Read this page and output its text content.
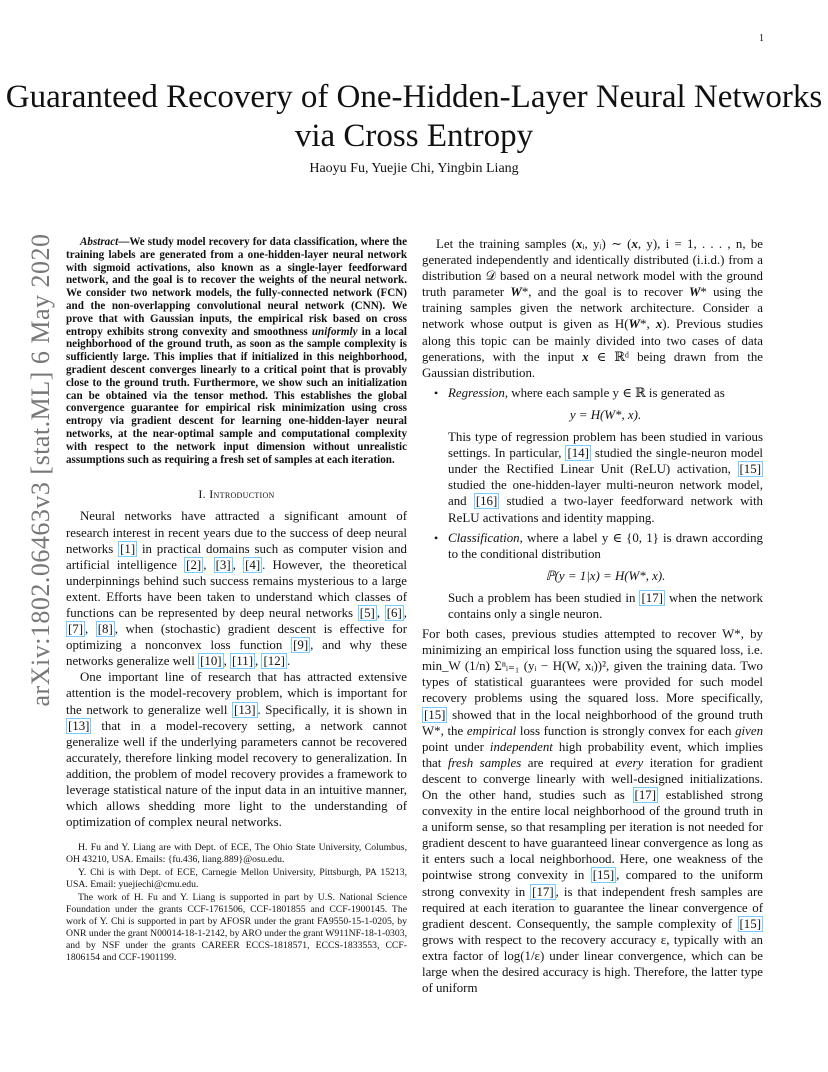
1
arXiv:1802.06463v3 [stat.ML] 6 May 2020
Guaranteed Recovery of One-Hidden-Layer Neural Networks via Cross Entropy
Haoyu Fu, Yuejie Chi, Yingbin Liang

Abstract—We study model recovery for data classification, where the training labels are generated from a one-hidden-layer neural network with sigmoid activations, also known as a single-layer feedforward network, and the goal is to recover the weights of the neural network. We consider two network models, the fully-connected network (FCN) and the non-overlapping convolutional neural network (CNN). We prove that with Gaussian inputs, the empirical risk based on cross entropy exhibits strong convexity and smoothness uniformly in a local neighborhood of the ground truth, as soon as the sample complexity is sufficiently large. This implies that if initialized in this neighborhood, gradient descent converges linearly to a critical point that is provably close to the ground truth. Furthermore, we show such an initialization can be obtained via the tensor method. This establishes the global convergence guarantee for empirical risk minimization using cross entropy via gradient descent for learning one-hidden-layer neural networks, at the near-optimal sample and computational complexity with respect to the network input dimension without unrealistic assumptions such as requiring a fresh set of samples at each iteration.

I. Introduction

Neural networks have attracted a significant amount of research interest in recent years due to the success of deep neural networks [1] in practical domains such as computer vision and artificial intelligence [2] , [3] , [4] . However, the theoretical underpinnings behind such success remains mysterious to a large extent. Efforts have been taken to understand which classes of functions can be represented by deep neural networks [5] , [6] , [7] , [8] , when (stochastic) gradient descent is effective for optimizing a nonconvex loss function [9] , and why these networks generalize well [10] , [11] , [12] .

One important line of research that has attracted extensive attention is the model-recovery problem, which is important for the network to generalize well [13] . Specifically, it is shown in [13] that in a model-recovery setting, a network cannot generalize well if the underlying parameters cannot be recovered accurately, therefore linking model recovery to generalization. In addition, the problem of model recovery provides a framework to leverage statistical nature of the input data in an intuitive manner, which allows shedding more light to the understanding of optimization of complex neural networks.

H. Fu and Y. Liang are with Dept. of ECE, The Ohio State University, Columbus, OH 43210, USA. Emails: {fu.436, liang.889}@osu.edu.

Y. Chi is with Dept. of ECE, Carnegie Mellon University, Pittsburgh, PA 15213, USA. Email: yuejiechi@cmu.edu.

The work of H. Fu and Y. Liang is supported in part by U.S. National Science Foundation under the grants CCF-1761506, CCF-1801855 and CCF-1900145. The work of Y. Chi is supported in part by AFOSR under the grant FA9550-15-1-0205, by ONR under the grant N00014-18-1-2142, by ARO under the grant W911NF-18-1-0303, and by NSF under the grants CAREER ECCS-1818571, ECCS-1833553, CCF-1806154 and CCF-1901199.

Let the training samples (xᵢ, yᵢ) ∼ (x, y), i = 1, . . . , n, be generated independently and identically distributed (i.i.d.) from a distribution 𝒟 based on a neural network model with the ground truth parameter W*, and the goal is to recover W* using the training samples given the network architecture. Consider a network whose output is given as H(W*, x). Previous studies along this topic can be mainly divided into two cases of data generations, with the input x ∈ ℝᵈ being drawn from the Gaussian distribution.

• Regression, where each sample y ∈ ℝ is generated as

y = H(W*, x).

This type of regression problem has been studied in various settings. In particular, [14] studied the single-neuron model under the Rectified Linear Unit (ReLU) activation, [15] studied the one-hidden-layer multi-neuron network model, and [16] studied a two-layer feedforward network with ReLU activations and identity mapping.

• Classification, where a label y ∈ {0, 1} is drawn according to the conditional distribution

ℙ(y = 1|x) = H(W*, x).

Such a problem has been studied in [17] when the network contains only a single neuron.

For both cases, previous studies attempted to recover W*, by minimizing an empirical loss function using the squared loss, i.e. min_W (1/n) Σⁿᵢ₌₁ (yᵢ − H(W, xᵢ))², given the training data. Two types of statistical guarantees were provided for such model recovery problems using the squared loss. More specifically, [15] showed that in the local neighborhood of the ground truth W*, the empirical loss function is strongly convex for each given point under independent high probability event, which implies that fresh samples are required at every iteration for gradient descent to converge linearly with well-designed initializations. On the other hand, studies such as [17] established strong convexity in the entire local neighborhood of the ground truth in a uniform sense, so that resampling per iteration is not needed for gradient descent to have guaranteed linear convergence as long as it enters such a local neighborhood. Here, one weakness of the pointwise strong convexity in [15] , compared to the uniform strong convexity in [17] , is that independent fresh samples are required at each iteration to guarantee the linear convergence of gradient descent. Consequently, the sample complexity of [15] grows with respect to the recovery accuracy ε, typically with an extra factor of log(1/ε) under linear convergence, which can be large when the desired accuracy is high. Therefore, the latter type of uniform
